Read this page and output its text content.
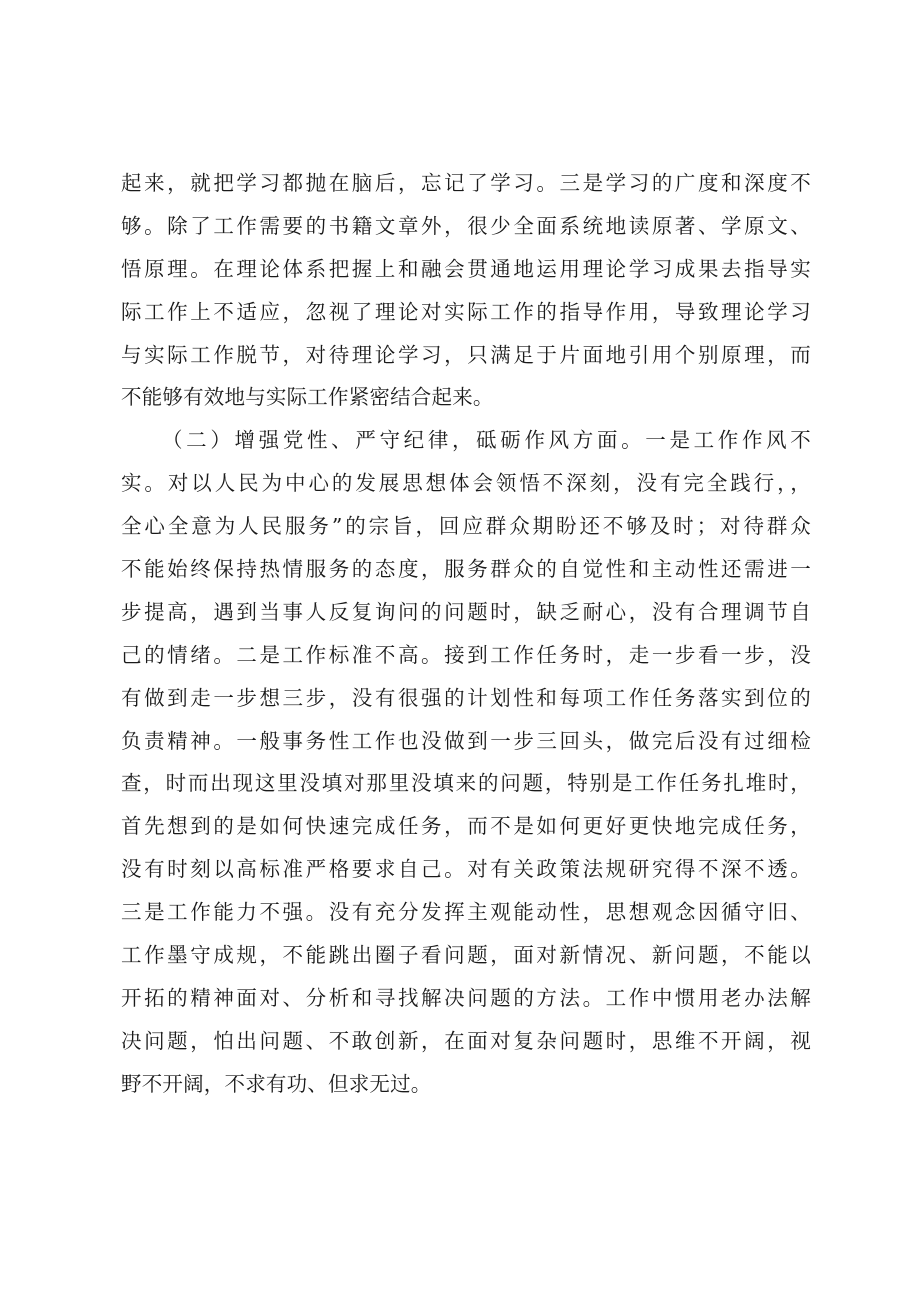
起来，就把学习都抛在脑后，忘记了学习。三是学习的广度和深度不
够。除了工作需要的书籍文章外，很少全面系统地读原著、学原文、
悟原理。在理论体系把握上和融会贯通地运用理论学习成果去指导实
际工作上不适应，忽视了理论对实际工作的指导作用，导致理论学习
与实际工作脱节，对待理论学习，只满足于片面地引用个别原理，而
不能够有效地与实际工作紧密结合起来。
（二）增强党性、严守纪律，砥砺作风方面。一是工作作风不
实。对以人民为中心的发展思想体会领悟不深刻，没有完全践行，，
全心全意为人民服务”的宗旨，回应群众期盼还不够及时；对待群众
不能始终保持热情服务的态度，服务群众的自觉性和主动性还需进一
步提高，遇到当事人反复询问的问题时，缺乏耐心，没有合理调节自
己的情绪。二是工作标准不高。接到工作任务时，走一步看一步，没
有做到走一步想三步，没有很强的计划性和每项工作任务落实到位的
负责精神。一般事务性工作也没做到一步三回头，做完后没有过细检
查，时而出现这里没填对那里没填来的问题，特别是工作任务扎堆时，
首先想到的是如何快速完成任务，而不是如何更好更快地完成任务，
没有时刻以高标准严格要求自己。对有关政策法规研究得不深不透。
三是工作能力不强。没有充分发挥主观能动性，思想观念因循守旧、
工作墨守成规，不能跳出圈子看问题，面对新情况、新问题，不能以
开拓的精神面对、分析和寻找解决问题的方法。工作中惯用老办法解
决问题，怕出问题、不敢创新，在面对复杂问题时，思维不开阔，视
野不开阔，不求有功、但求无过。
